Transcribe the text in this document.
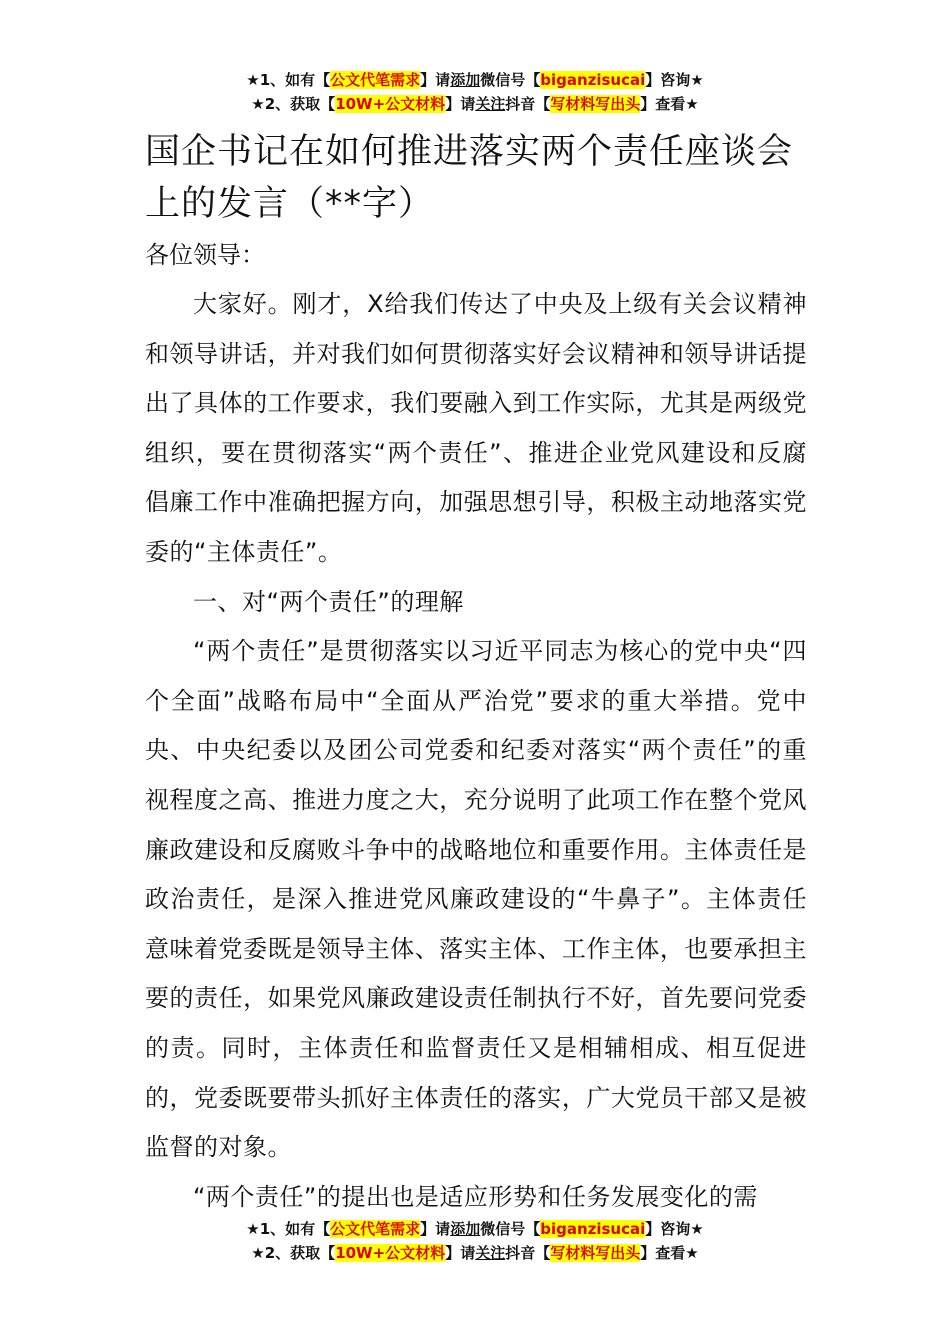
★1、如有【公文代笔需求】请添加微信号【biganzisucai】咨询★
★2、获取【10W+公文材料】请关注抖音【写材料写出头】查看★
国企书记在如何推进落实两个责任座谈会上的发言（**字）

各位领导：

大家好。刚才，X给我们传达了中央及上级有关会议精神和领导讲话，并对我们如何贯彻落实好会议精神和领导讲话提出了具体的工作要求，我们要融入到工作实际，尤其是两级党组织，要在贯彻落实“两个责任”、推进企业党风建设和反腐倡廉工作中准确把握方向，加强思想引导，积极主动地落实党委的“主体责任”。

一、对“两个责任”的理解

“两个责任”是贯彻落实以习近平同志为核心的党中央“四个全面”战略布局中“全面从严治党”要求的重大举措。党中央、中央纪委以及团公司党委和纪委对落实“两个责任”的重视程度之高、推进力度之大，充分说明了此项工作在整个党风廉政建设和反腐败斗争中的战略地位和重要作用。主体责任是政治责任，是深入推进党风廉政建设的“牛鼻子”。主体责任意味着党委既是领导主体、落实主体、工作主体，也要承担主要的责任，如果党风廉政建设责任制执行不好，首先要问党委的责。同时，主体责任和监督责任又是相辅相成、相互促进的，党委既要带头抓好主体责任的落实，广大党员干部又是被监督的对象。

“两个责任”的提出也是适应形势和任务发展变化的需

★1、如有【公文代笔需求】请添加微信号【biganzisucai】咨询★
★2、获取【10W+公文材料】请关注抖音【写材料写出头】查看★
